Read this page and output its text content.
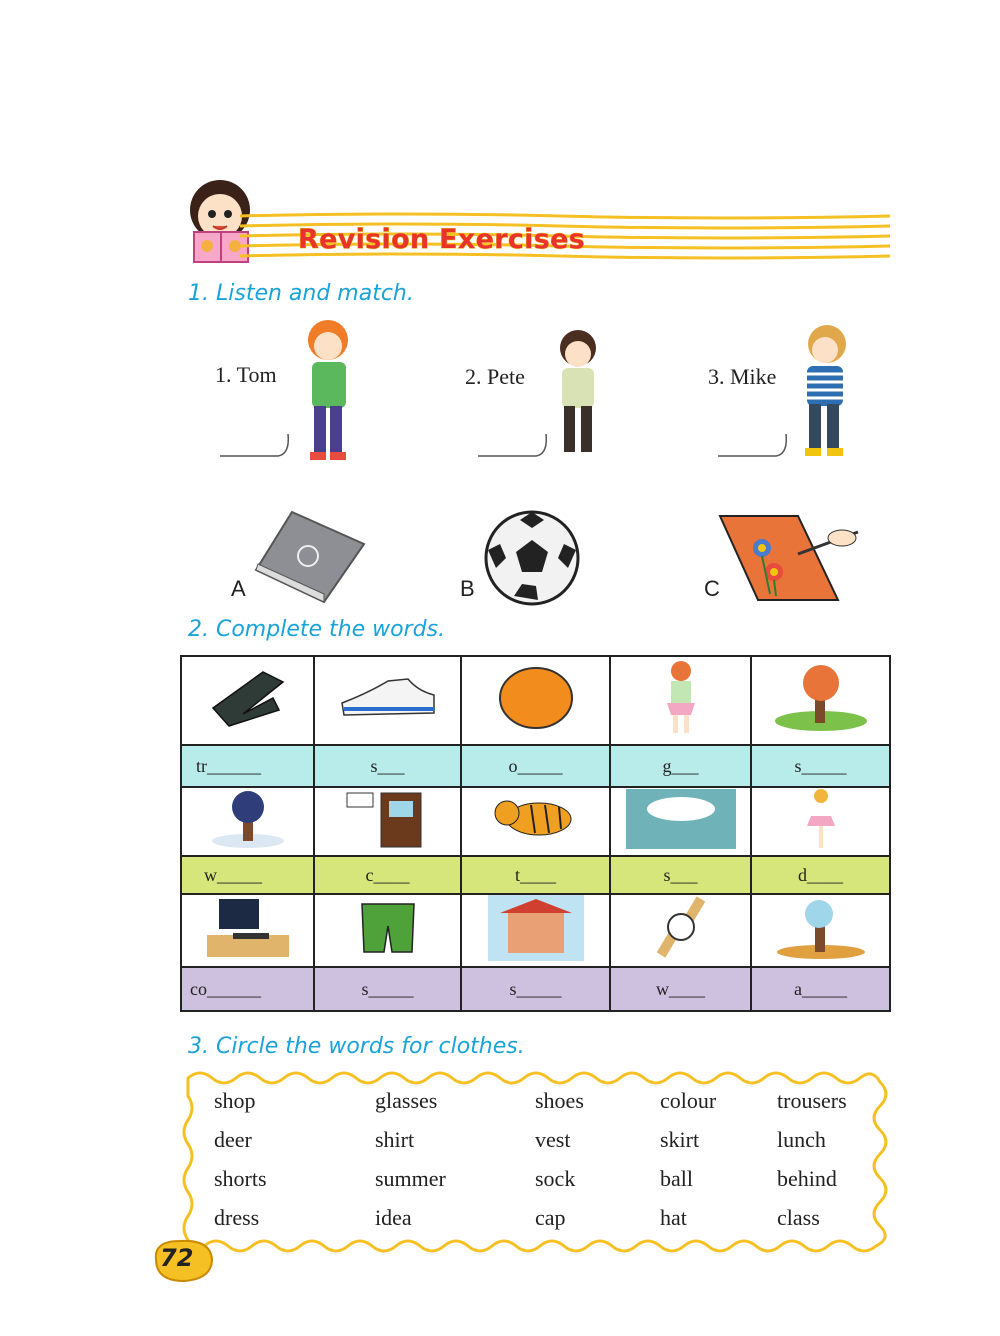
Revision Exercises
1. Listen and match.
1. Tom	2. Pete	3. Mike
A	B	C
2. Complete the words.

tr______	s___	o_____	g___	s_____

w_____	c____	t____	s___	d____

co______	s_____	s_____	w____	a_____
3. Circle the words for clothes.
shop	glasses	shoes	colour	trousers
deer	shirt	vest	skirt	lunch
shorts	summer	sock	ball	behind
dress	idea	cap	hat	class
72
